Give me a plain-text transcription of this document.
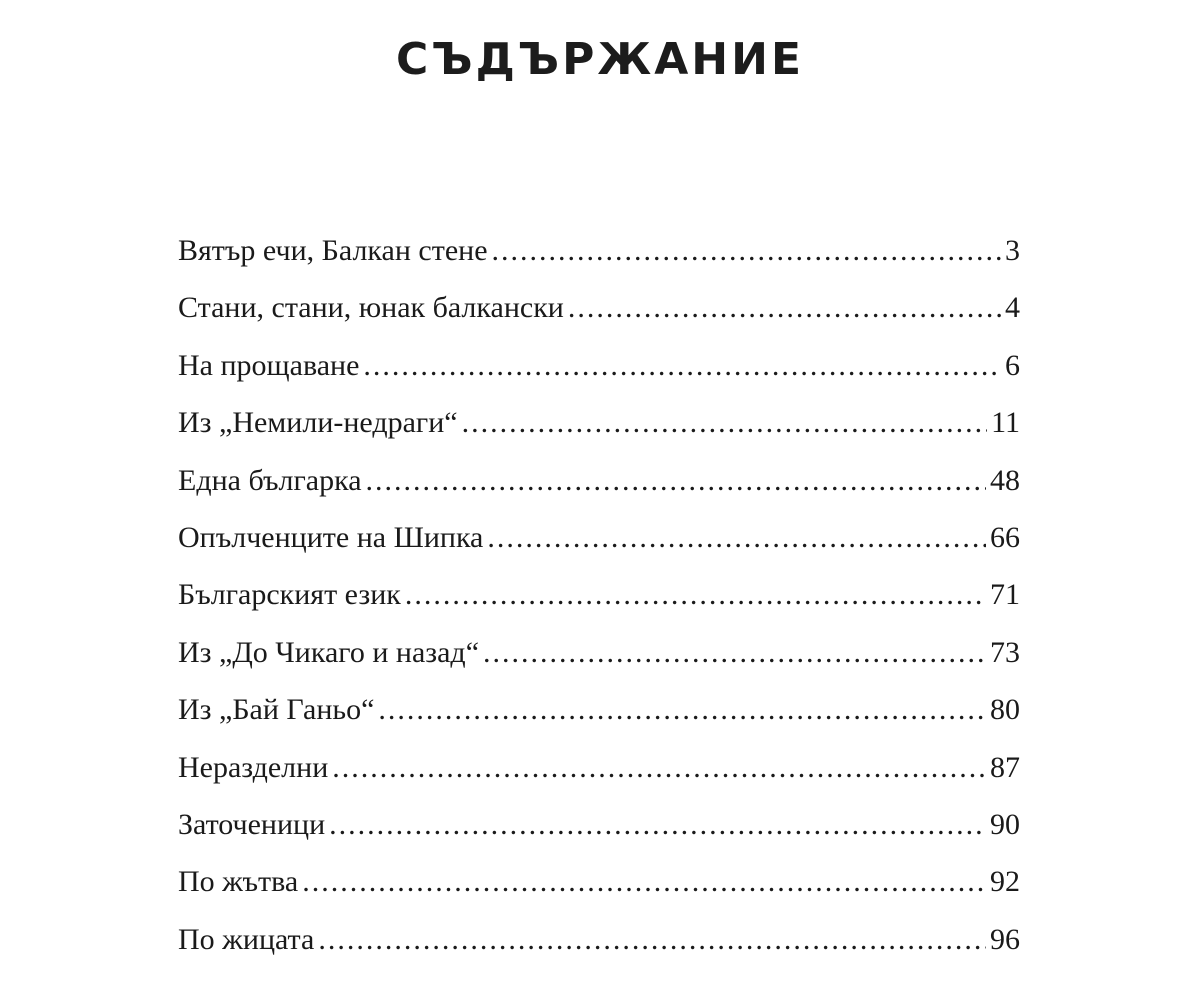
СЪДЪРЖАНИЕ
Вятър ечи, Балкан стене .....	3
Стани, стани, юнак балкански .....	4
На прощаване .....	6
Из „Немили-недраги“ .....	11
Една българка .....	48
Опълченците на Шипка .....	66
Българският език .....	71
Из „До Чикаго и назад“ .....	73
Из „Бай Ганьо“ .....	80
Неразделни .....	87
Заточеници .....	90
По жътва .....	92
По жицата .....	96
